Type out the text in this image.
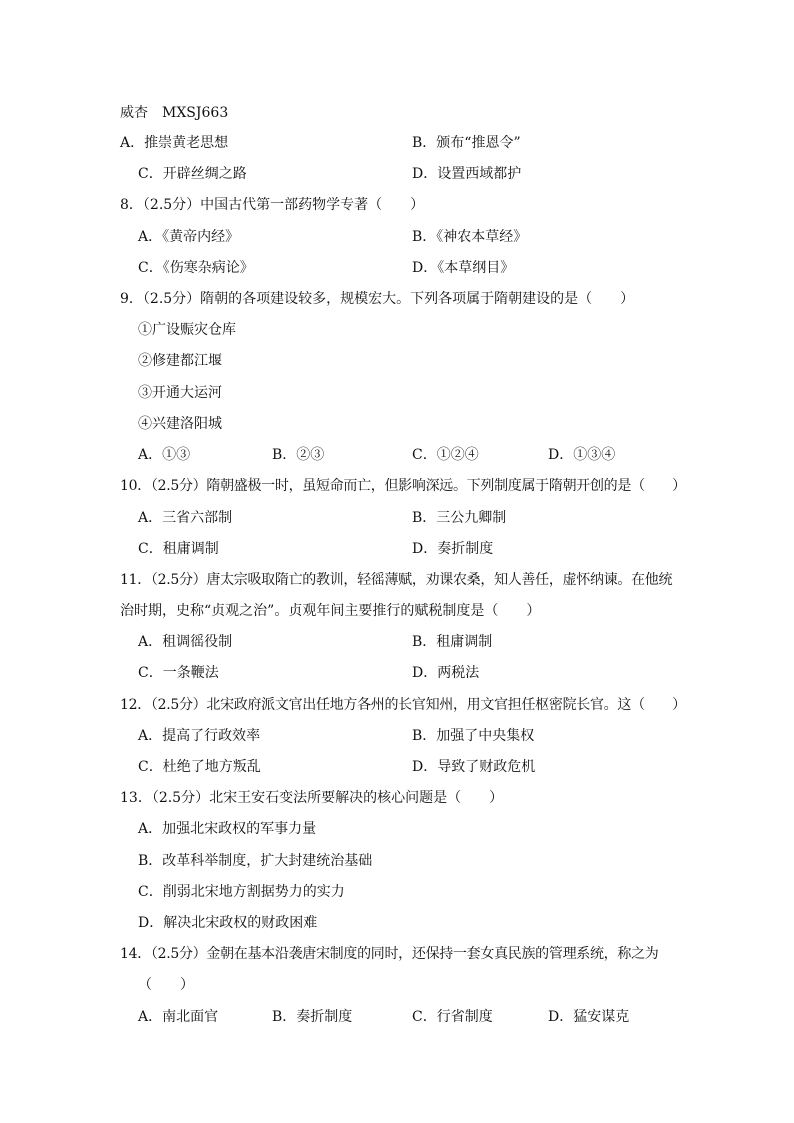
威杏　MXSJ663
A．推崇黄老思想	B．颁布“推恩令”
C．开辟丝绸之路	D．设置西域都护
8．（2.5分）中国古代第一部药物学专著（　　）
A．《黄帝内经》	B．《神农本草经》
C．《伤寒杂病论》	D．《本草纲目》
9．（2.5分）隋朝的各项建设较多，规模宏大。下列各项属于隋朝建设的是（　　）
①广设赈灾仓库
②修建都江堰
③开通大运河
④兴建洛阳城
A．①③	B．②③	C．①②④	D．①③④
10．（2.5分）隋朝盛极一时，虽短命而亡，但影响深远。下列制度属于隋朝开创的是（　　）
A．三省六部制	B．三公九卿制
C．租庸调制	D．奏折制度
11．（2.5分）唐太宗吸取隋亡的教训，轻徭薄赋，劝课农桑，知人善任，虚怀纳谏。在他统
治时期，史称“贞观之治”。贞观年间主要推行的赋税制度是（　　）
A．租调徭役制	B．租庸调制
C．一条鞭法	D．两税法
12．（2.5分）北宋政府派文官出任地方各州的长官知州，用文官担任枢密院长官。这（　　）
A．提高了行政效率	B．加强了中央集权
C．杜绝了地方叛乱	D．导致了财政危机
13．（2.5分）北宋王安石变法所要解决的核心问题是（　　）
A．加强北宋政权的军事力量
B．改革科举制度，扩大封建统治基础
C．削弱北宋地方割据势力的实力
D．解决北宋政权的财政困难
14．（2.5分）金朝在基本沿袭唐宋制度的同时，还保持一套女真民族的管理系统，称之为
（　　）
A．南北面官	B．奏折制度	C．行省制度	D．猛安谋克
